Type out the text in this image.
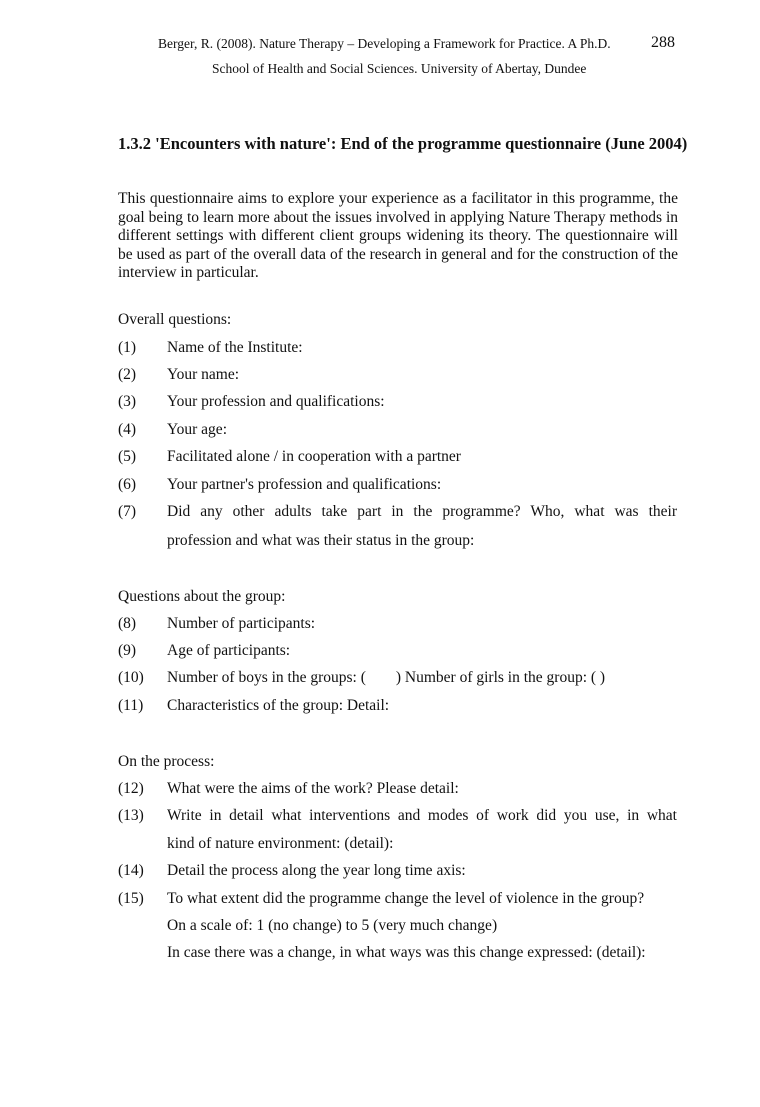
Berger, R. (2008). Nature Therapy – Developing a Framework for Practice. A Ph.D.	288
School of Health and Social Sciences. University of Abertay, Dundee
1.3.2 'Encounters with nature': End of the programme questionnaire (June 2004)
This questionnaire aims to explore your experience as a facilitator in this programme, the goal being to learn more about the issues involved in applying Nature Therapy methods in different settings with different client groups widening its theory. The questionnaire will be used as part of the overall data of the research in general and for the construction of the interview in particular.
Overall questions:
(1) Name of the Institute:
(2) Your name:
(3) Your profession and qualifications:
(4) Your age:
(5) Facilitated alone / in cooperation with a partner
(6) Your partner's profession and qualifications:
(7) Did any other adults take part in the programme? Who, what was their
profession and what was their status in the group:
Questions about the group:
(8) Number of participants:
(9) Age of participants:
(10) Number of boys in the groups: ( ) Number of girls in the group: ( )
(11) Characteristics of the group: Detail:
On the process:
(12) What were the aims of the work? Please detail:
(13) Write in detail what interventions and modes of work did you use, in what
kind of nature environment: (detail):
(14) Detail the process along the year long time axis:
(15) To what extent did the programme change the level of violence in the group?
On a scale of: 1 (no change) to 5 (very much change)
In case there was a change, in what ways was this change expressed: (detail):
